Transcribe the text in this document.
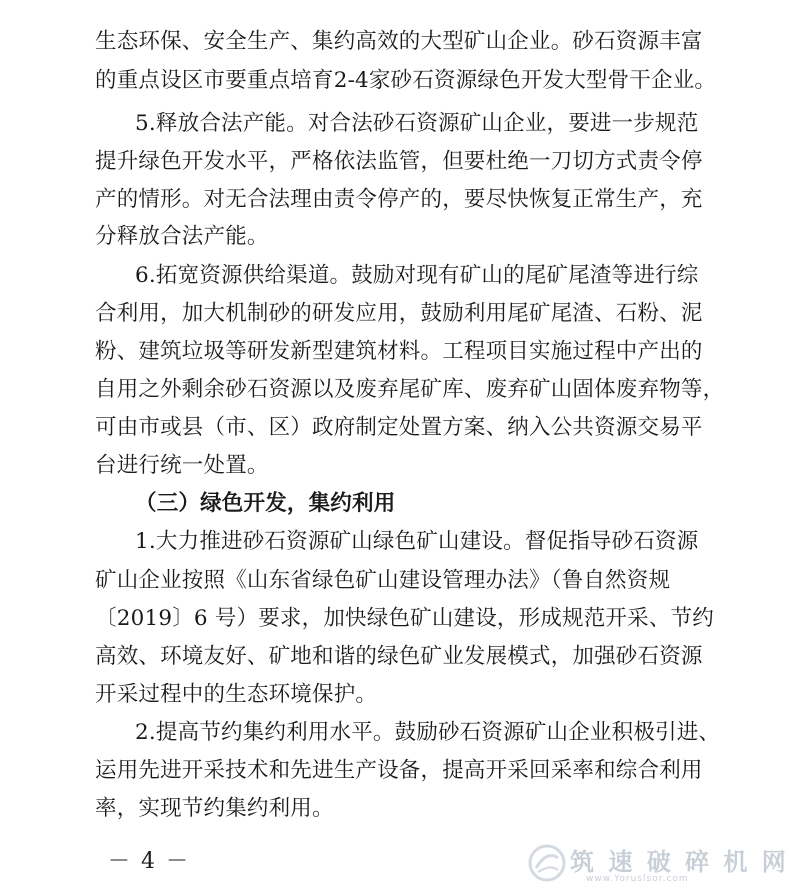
生态环保、安全生产、集约高效的大型矿山企业。砂石资源丰富
的重点设区市要重点培育2-4家砂石资源绿色开发大型骨干企业。
5.释放合法产能。对合法砂石资源矿山企业，要进一步规范
提升绿色开发水平，严格依法监管，但要杜绝一刀切方式责令停
产的情形。对无合法理由责令停产的，要尽快恢复正常生产，充
分释放合法产能。
6.拓宽资源供给渠道。鼓励对现有矿山的尾矿尾渣等进行综
合利用，加大机制砂的研发应用，鼓励利用尾矿尾渣、石粉、泥
粉、建筑垃圾等研发新型建筑材料。工程项目实施过程中产出的
自用之外剩余砂石资源以及废弃尾矿库、废弃矿山固体废弃物等，
可由市或县（市、区）政府制定处置方案、纳入公共资源交易平
台进行统一处置。
（三）绿色开发，集约利用
1.大力推进砂石资源矿山绿色矿山建设。督促指导砂石资源
矿山企业按照《山东省绿色矿山建设管理办法》（鲁自然资规
〔2019〕6 号）要求，加快绿色矿山建设，形成规范开采、节约
高效、环境友好、矿地和谐的绿色矿业发展模式，加强砂石资源
开采过程中的生态环境保护。
2.提高节约集约利用水平。鼓励砂石资源矿山企业积极引进、
运用先进开采技术和先进生产设备，提高开采回采率和综合利用
率，实现节约集约利用。
－ 4 －	筑 速 破 碎 机 网
www.Yoruslsor.com
